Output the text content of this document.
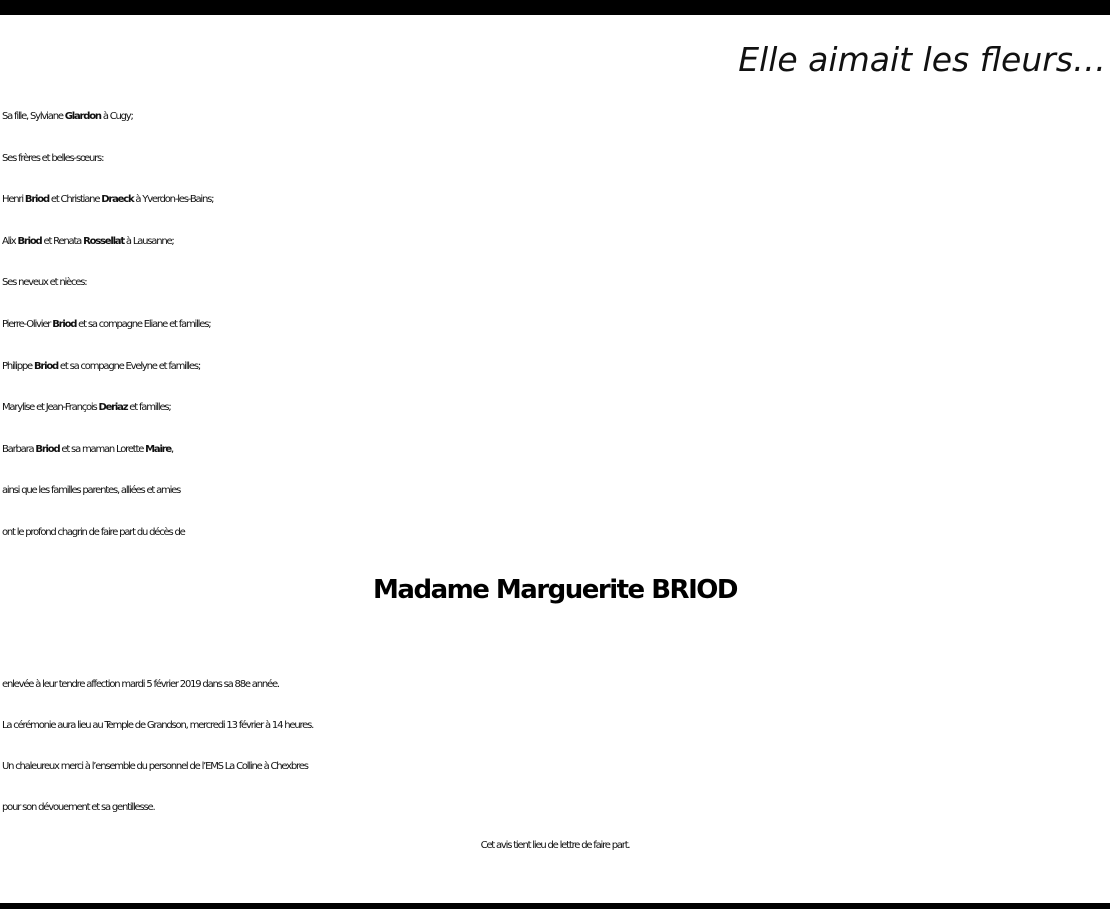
Elle aimait les fleurs…
Sa fille, Sylviane Glardon à Cugy;
Ses frères et belles-sœurs:
Henri Briod et Christiane Draeck à Yverdon-les-Bains;
Alix Briod et Renata Rossellat à Lausanne;
Ses neveux et nièces:
Pierre-Olivier Briod et sa compagne Eliane et familles;
Philippe Briod et sa compagne Evelyne et familles;
Marylise et Jean-François Deriaz et familles;
Barbara Briod et sa maman Lorette Maire,
ainsi que les familles parentes, alliées et amies
ont le profond chagrin de faire part du décès de
Madame Marguerite BRIOD
enlevée à leur tendre affection mardi 5 février 2019 dans sa 88e année.
La cérémonie aura lieu au Temple de Grandson, mercredi 13 février à 14 heures.
Un chaleureux merci à l’ensemble du personnel de l’EMS La Colline à Chexbres
pour son dévouement et sa gentillesse.
Cet avis tient lieu de lettre de faire part.
